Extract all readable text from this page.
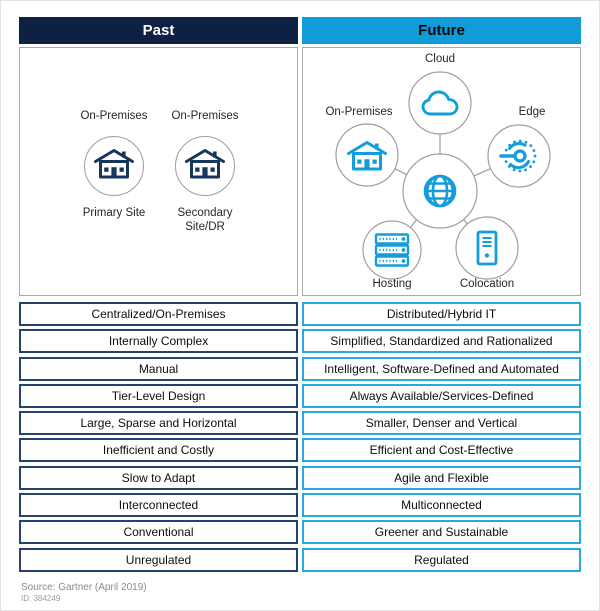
Past	Future
On-Premises
Primary Site
On-Premises
Secondary Site/DR
Cloud
On-Premises	Edge
Hosting	Colocation
Centralized/On-Premises	Distributed/Hybrid IT
Internally Complex	Simplified, Standardized and Rationalized
Manual	Intelligent, Software-Defined and Automated
Tier-Level Design	Always Available/Services-Defined
Large, Sparse and Horizontal	Smaller, Denser and Vertical
Inefficient and Costly	Efficient and Cost-Effective
Slow to Adapt	Agile and Flexible
Interconnected	Multiconnected
Conventional	Greener and Sustainable
Unregulated	Regulated
Source: Gartner (April 2019)
ID: 384249
